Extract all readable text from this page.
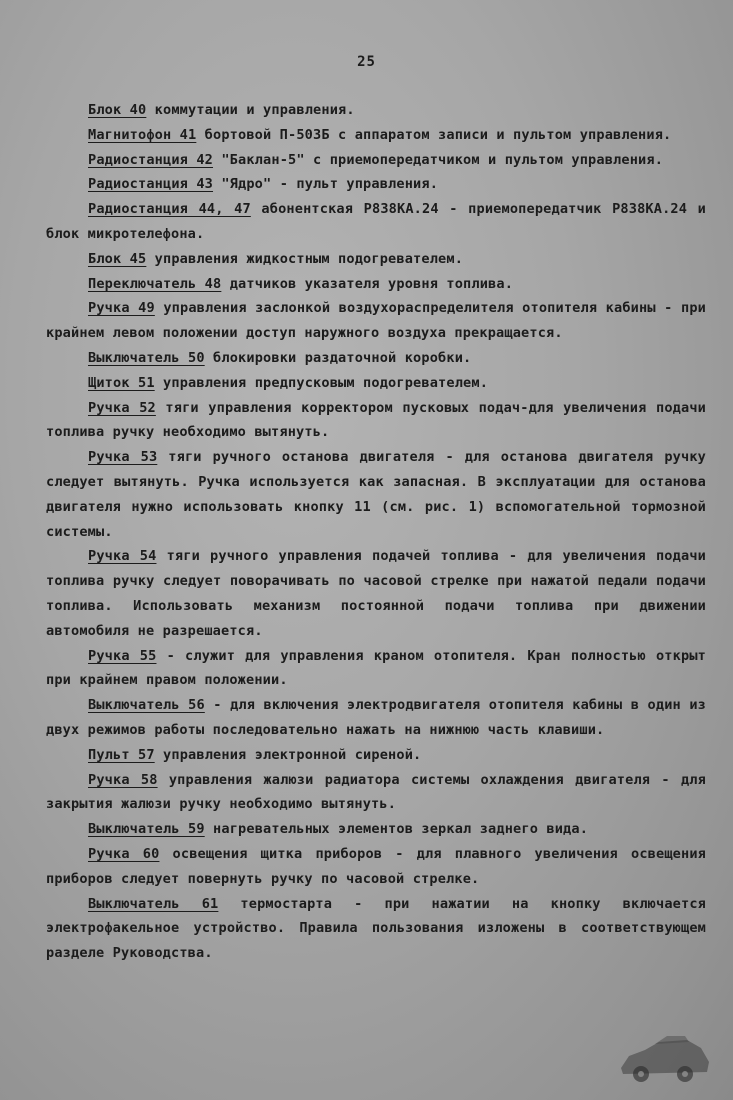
25

Блок 40 коммутации и управления.

Магнитофон 41 бортовой П-503Б с аппаратом записи и пультом управления.

Радиостанция 42 "Баклан-5" с приемопередатчиком и пультом управления.

Радиостанция 43 "Ядро" - пульт управления.

Радиостанция 44, 47 абонентская Р838КА.24 - приемопередатчик Р838КА.24 и блок микротелефона.

Блок 45 управления жидкостным подогревателем.

Переключатель 48 датчиков указателя уровня топлива.

Ручка 49 управления заслонкой воздухораспределителя отопителя кабины - при крайнем левом положении доступ наружного воздуха прекращается.

Выключатель 50 блокировки раздаточной коробки.

Щиток 51 управления предпусковым подогревателем.

Ручка 52 тяги управления корректором пусковых подач-для увеличения подачи топлива ручку необходимо вытянуть.

Ручка 53 тяги ручного останова двигателя - для останова двигателя ручку следует вытянуть. Ручка используется как запасная. В эксплуатации для останова двигателя нужно использовать кнопку 11 (см. рис. 1) вспомогательной тормозной системы.

Ручка 54 тяги ручного управления подачей топлива - для увеличения подачи топлива ручку следует поворачивать по часовой стрелке при нажатой педали подачи топлива. Использовать механизм постоянной подачи топлива при движении автомобиля не разрешается.

Ручка 55 - служит для управления краном отопителя. Кран полностью открыт при крайнем правом положении.

Выключатель 56 - для включения электродвигателя отопителя кабины в один из двух режимов работы последовательно нажать на нижнюю часть клавиши.

Пульт 57 управления электронной сиреной.

Ручка 58 управления жалюзи радиатора системы охлаждения двигателя - для закрытия жалюзи ручку необходимо вытянуть.

Выключатель 59 нагревательных элементов зеркал заднего вида.

Ручка 60 освещения щитка приборов - для плавного увеличения освещения приборов следует повернуть ручку по часовой стрелке.

Выключатель 61 термостарта - при нажатии на кнопку включается электрофакельное устройство. Правила пользования изложены в соответствующем разделе Руководства.
